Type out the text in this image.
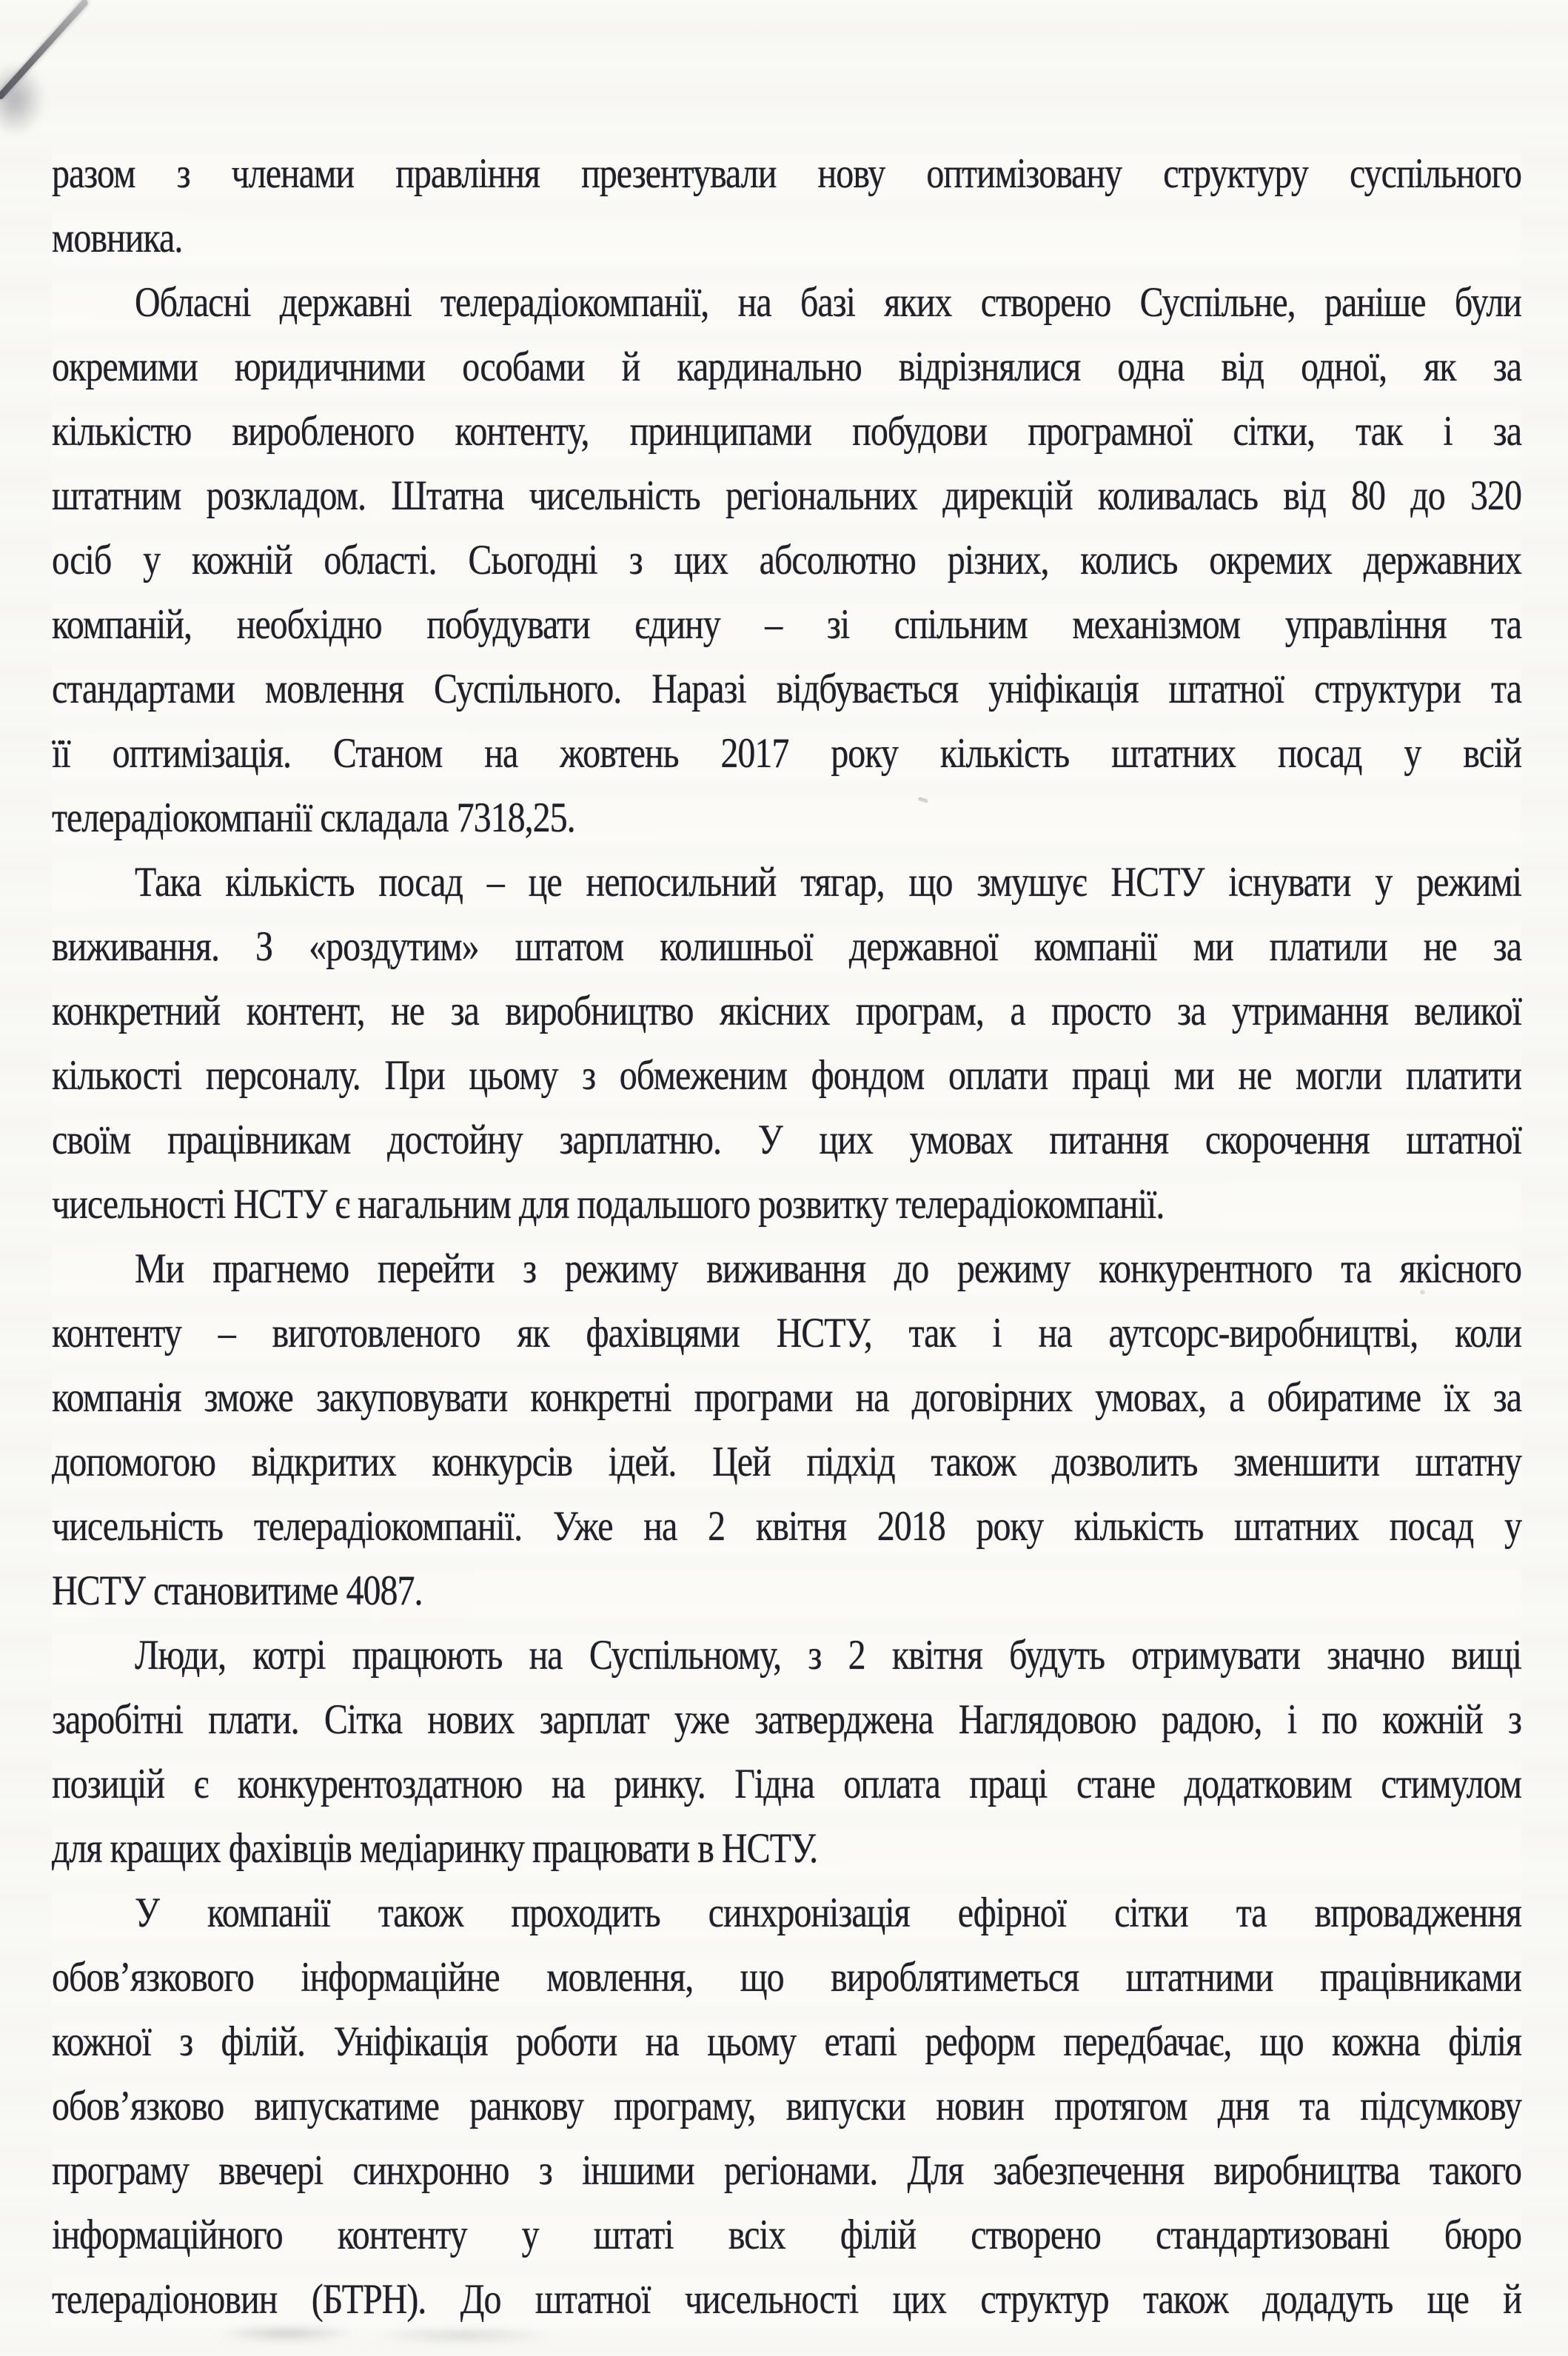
разом з членами правління презентували нову оптимізовану структуру суспільного
мовника.
Обласні державні телерадіокомпанії, на базі яких створено Суспільне, раніше були
окремими юридичними особами й кардинально відрізнялися одна від одної, як за
кількістю виробленого контенту, принципами побудови програмної сітки, так і за
штатним розкладом. Штатна чисельність регіональних дирекцій коливалась від 80 до 320
осіб у кожній області. Сьогодні з цих абсолютно різних, колись окремих державних
компаній, необхідно побудувати єдину – зі спільним механізмом управління та
стандартами мовлення Суспільного. Наразі відбувається уніфікація штатної структури та
її оптимізація. Станом на жовтень 2017 року кількість штатних посад у всій
телерадіокомпанії складала 7318,25.
Така кількість посад – це непосильний тягар, що змушує НСТУ існувати у режимі
виживання. З «роздутим» штатом колишньої державної компанії ми платили не за
конкретний контент, не за виробництво якісних програм, а просто за утримання великої
кількості персоналу. При цьому з обмеженим фондом оплати праці ми не могли платити
своїм працівникам достойну зарплатню. У цих умовах питання скорочення штатної
чисельності НСТУ є нагальним для подальшого розвитку телерадіокомпанії.
Ми прагнемо перейти з режиму виживання до режиму конкурентного та якісного
контенту – виготовленого як фахівцями НСТУ, так і на аутсорс-виробництві, коли
компанія зможе закуповувати конкретні програми на договірних умовах, а обиратиме їх за
допомогою відкритих конкурсів ідей. Цей підхід також дозволить зменшити штатну
чисельність телерадіокомпанії. Уже на 2 квітня 2018 року кількість штатних посад у
НСТУ становитиме 4087.
Люди, котрі працюють на Суспільному, з 2 квітня будуть отримувати значно вищі
заробітні плати. Сітка нових зарплат уже затверджена Наглядовою радою, і по кожній з
позицій є конкурентоздатною на ринку. Гідна оплата праці стане додатковим стимулом
для кращих фахівців медіаринку працювати в НСТУ.
У компанії також проходить синхронізація ефірної сітки та впровадження
обов’язкового інформаційне мовлення, що вироблятиметься штатними працівниками
кожної з філій. Уніфікація роботи на цьому етапі реформ передбачає, що кожна філія
обов’язково випускатиме ранкову програму, випуски новин протягом дня та підсумкову
програму ввечері синхронно з іншими регіонами. Для забезпечення виробництва такого
інформаційного контенту у штаті всіх філій створено стандартизовані бюро
телерадіоновин (БТРН). До штатної чисельності цих структур також додадуть ще й
